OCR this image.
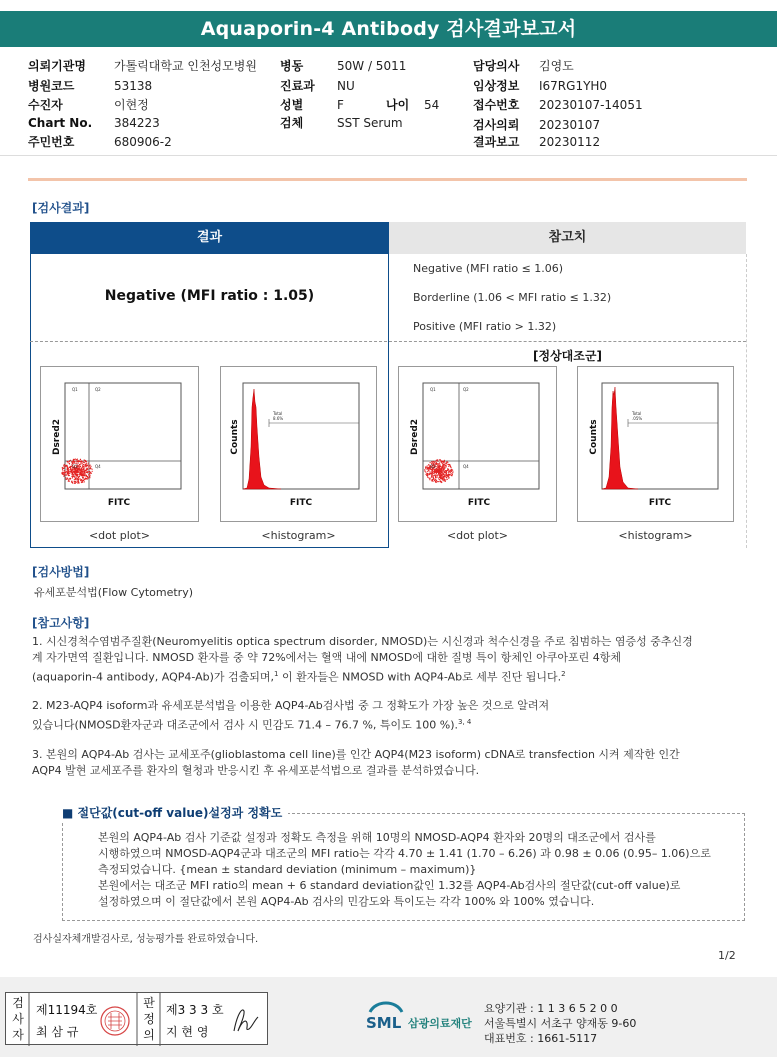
Aquaporin-4 Antibody 검사결과보고서
의뢰기관명 가톨릭대학교 인천성모병원
병원코드	53138
수진자	이현정
Chart No. 384223
주민번호	680906-2
병동	50W / 5011
진료과 NU
성별	F	나이 54
검체	SST Serum
담당의사 김영도
임상정보 I67RG1YH0
접수번호 20230107-14051
검사의뢰 20230107
결과보고 20230112
[검사결과]
결과	참고치
Negative (MFI ratio : 1.05)
Negative (MFI ratio ≤ 1.06)
Borderline (1.06 < MFI ratio ≤ 1.32)
Positive (MFI ratio > 1.32)
[정상대조군]
Q1	Q2
Q3	Q4
FITC
Dsred2
<dot plot>
Total
8.6%
FITC
Counts
<histogram>
Q1	Q2
Q3	Q4
FITC
Dsred2
<dot plot>
Total
.05%
FITC
Counts
<histogram>
[검사방법]
유세포분석법(Flow Cytometry)
[참고사항]
1. 시신경척수염범주질환(Neuromyelitis optica spectrum disorder, NMOSD)는 시신경과 척수신경을 주로 침범하는 염증성 중추신경
계 자가면역 질환입니다. NMOSD 환자를 중 약 72%에서는 혈액 내에 NMOSD에 대한 질병 특이 항체인 아쿠아포린 4항체
(aquaporin-4 antibody, AQP4-Ab)가 검출되며,$^1$ 이 환자들은 NMOSD with AQP4-Ab로 세부 진단 됩니다.$^2$
2. M23-AQP4 isoform과 유세포분석법을 이용한 AQP4-Ab검사법 중 그 정확도가 가장 높은 것으로 알려져
있습니다(NMOSD환자군과 대조군에서 검사 시 민감도 71.4 – 76.7 %, 특이도 100 %).$^{3, 4}$
3. 본원의 AQP4-Ab 검사는 교세포주(glioblastoma cell line)를 인간 AQP4(M23 isoform) cDNA로 transfection 시켜 제작한 인간
AQP4 발현 교세포주를 환자의 혈청과 반응시킨 후 유세포분석법으로 결과를 분석하였습니다.
■ 절단값(cut-off value)설정과 정확도
본원의 AQP4-Ab 검사 기준값 설정과 정확도 측정을 위해 10명의 NMOSD-AQP4 환자와 20명의 대조군에서 검사를
시행하였으며 NMOSD-AQP4군과 대조군의 MFI ratio는 각각 4.70 ± 1.41 (1.70 – 6.26) 과 0.98 ± 0.06 (0.95– 1.06)으로
측정되었습니다. {mean ± standard deviation (minimum – maximum)}
본원에서는 대조군 MFI ratio의 mean + 6 standard deviation값인 1.32를 AQP4-Ab검사의 절단값(cut-off value)로
설정하였으며 이 절단값에서 본원 AQP4-Ab 검사의 민감도와 특이도는 각각 100% 와 100% 였습니다.
검사실자체개발검사로, 성능평가를 완료하였습니다.
1/2
검사자
제11194호
최 삼 규
판정의
제3 3 3 호
지 현 영	SML 삼광의료재단
요양기관 : 1 1 3 6 5 2 0 0
서울특별시 서초구 양재동 9-60
대표번호 : 1661-5117
